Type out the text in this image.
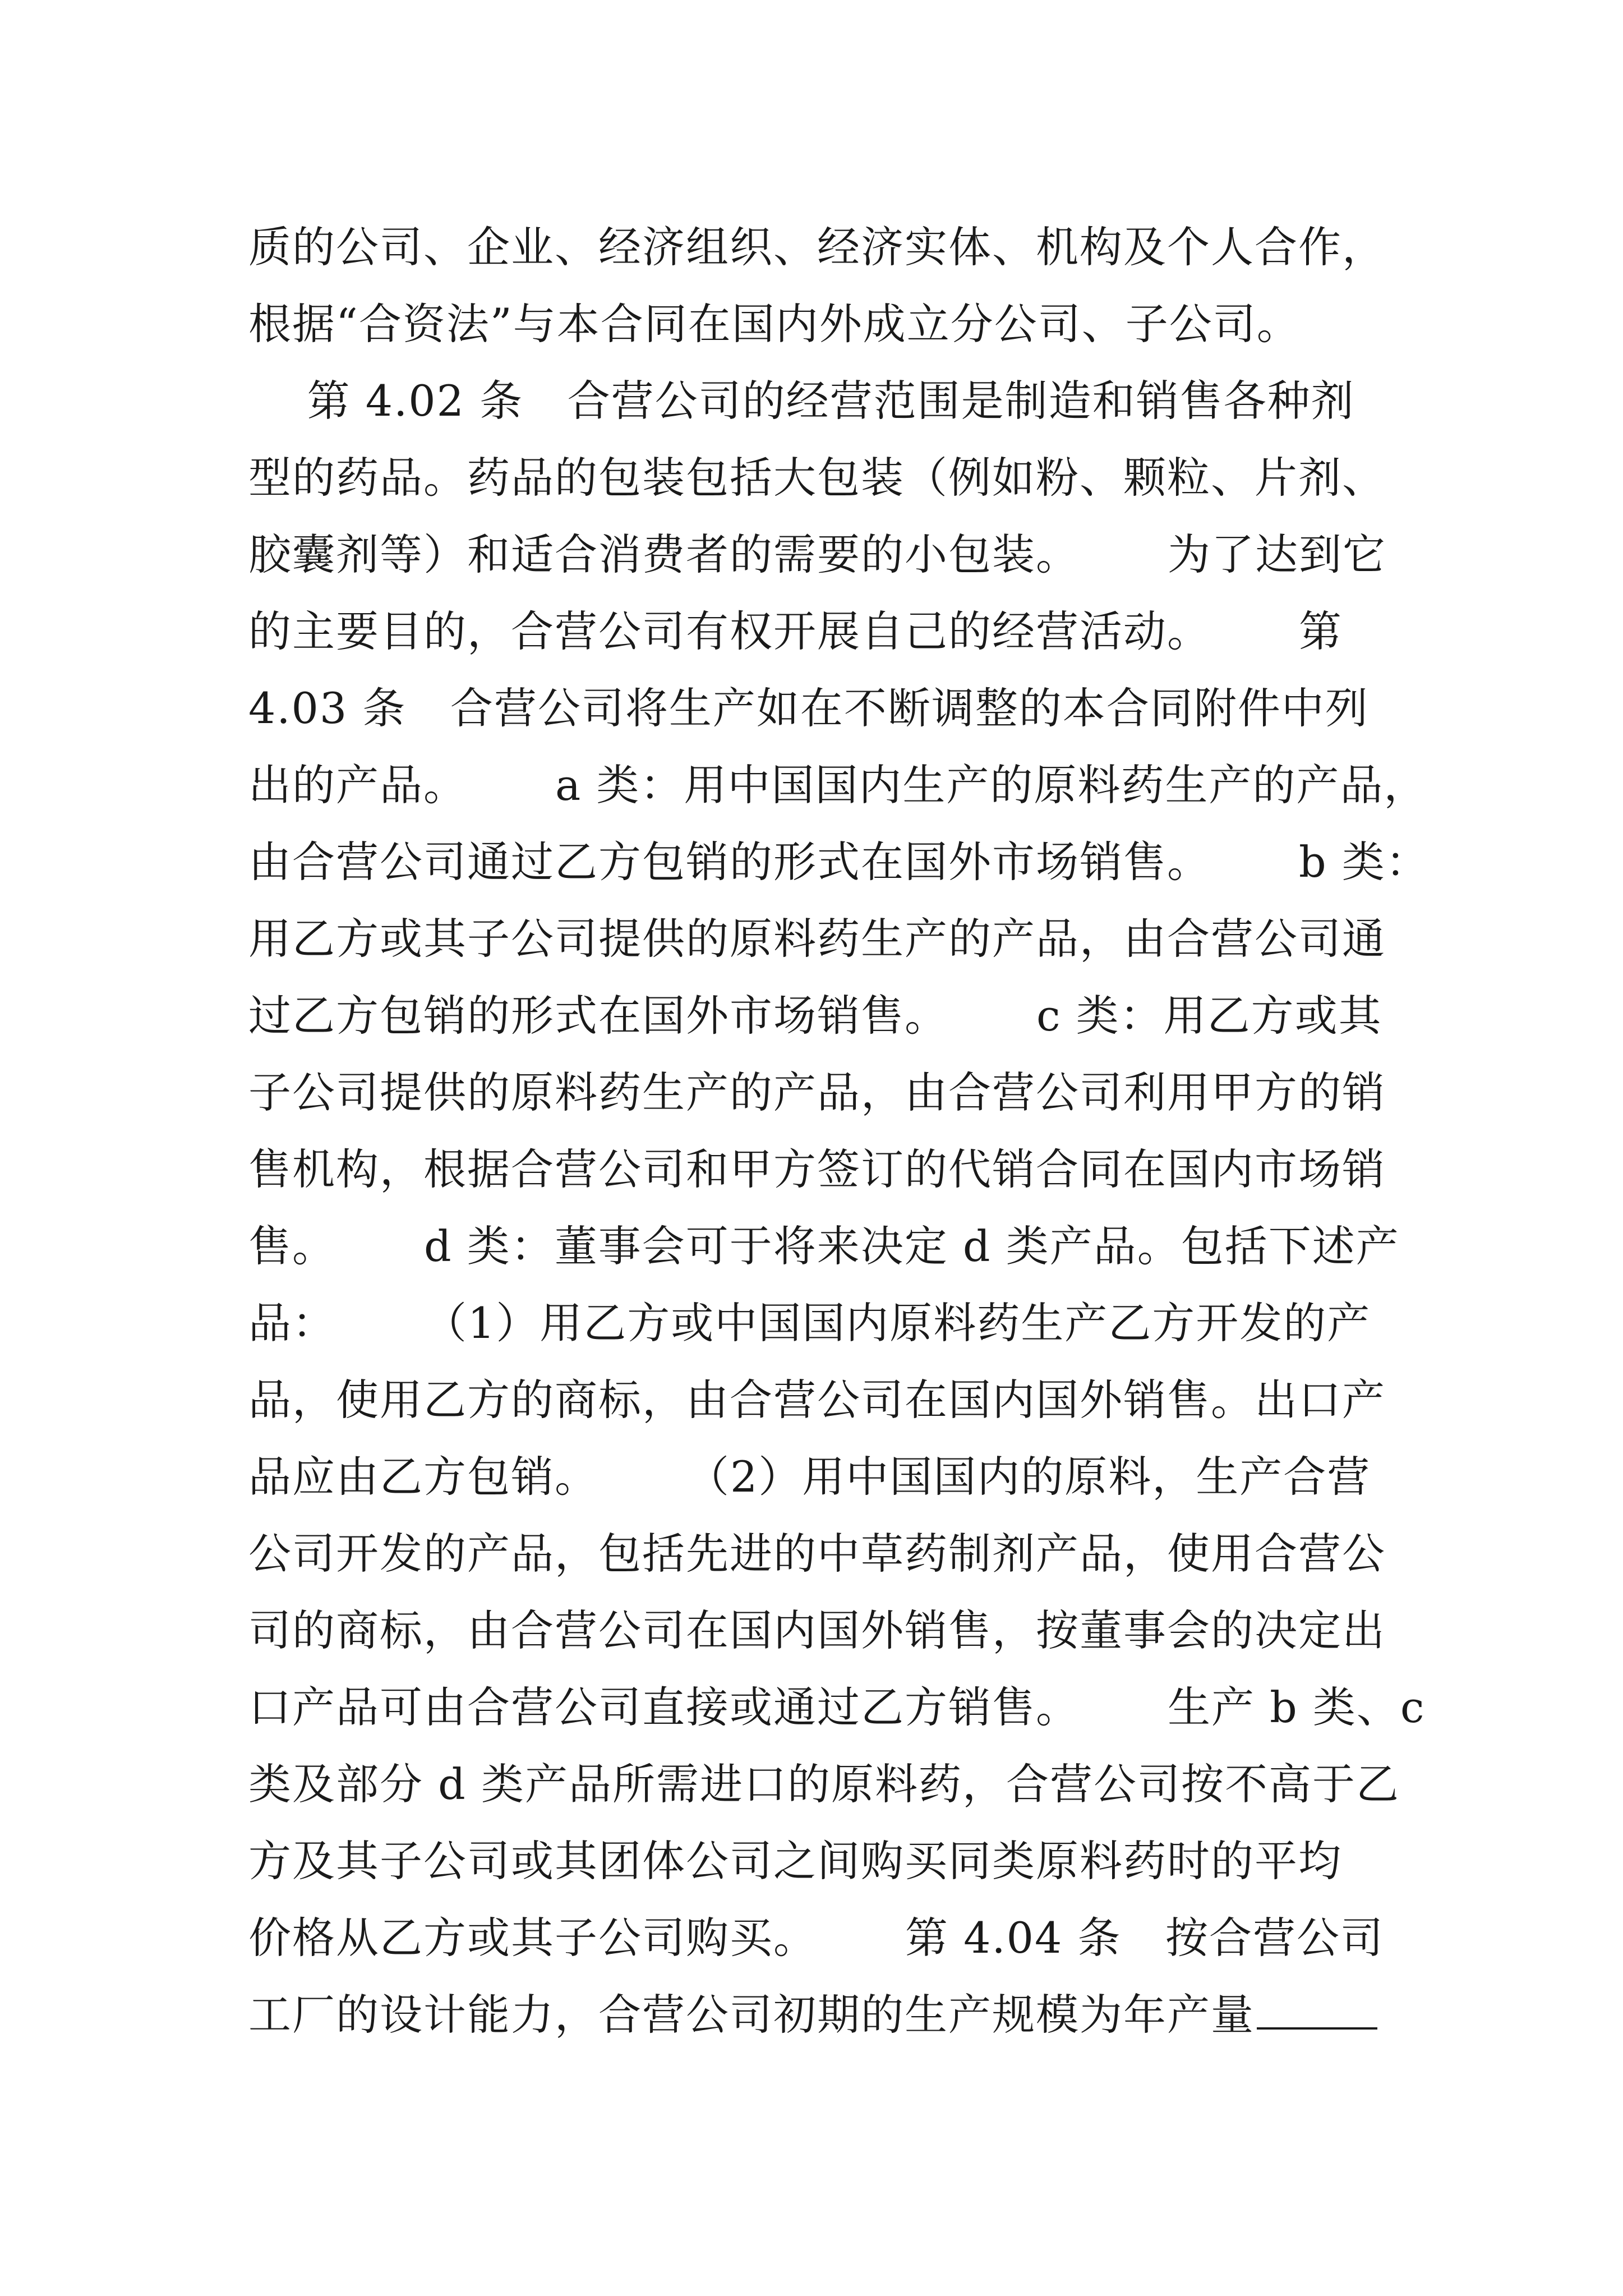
质的公司、企业、经济组织、经济实体、机构及个人合作，
根据“合资法”与本合同在国内外成立分公司、子公司。
第 4.02 条   合营公司的经营范围是制造和销售各种剂
型的药品。药品的包装包括大包装（例如粉、颗粒、片剂、
胶囊剂等）和适合消费者的需要的小包装。      为了达到它
的主要目的，合营公司有权开展自己的经营活动。      第
4.03 条   合营公司将生产如在不断调整的本合同附件中列
出的产品。      a 类：用中国国内生产的原料药生产的产品，
由合营公司通过乙方包销的形式在国外市场销售。      b 类：
用乙方或其子公司提供的原料药生产的产品，由合营公司通
过乙方包销的形式在国外市场销售。      c 类：用乙方或其
子公司提供的原料药生产的产品，由合营公司利用甲方的销
售机构，根据合营公司和甲方签订的代销合同在国内市场销
售。      d 类：董事会可于将来决定 d 类产品。包括下述产
品：      （1）用乙方或中国国内原料药生产乙方开发的产
品，使用乙方的商标，由合营公司在国内国外销售。出口产
品应由乙方包销。      （2）用中国国内的原料，生产合营
公司开发的产品，包括先进的中草药制剂产品，使用合营公
司的商标，由合营公司在国内国外销售，按董事会的决定出
口产品可由合营公司直接或通过乙方销售。      生产 b 类、c
类及部分 d 类产品所需进口的原料药，合营公司按不高于乙
方及其子公司或其团体公司之间购买同类原料药时的平均
价格从乙方或其子公司购买。      第 4.04 条   按合营公司
工厂的设计能力，合营公司初期的生产规模为年产量
